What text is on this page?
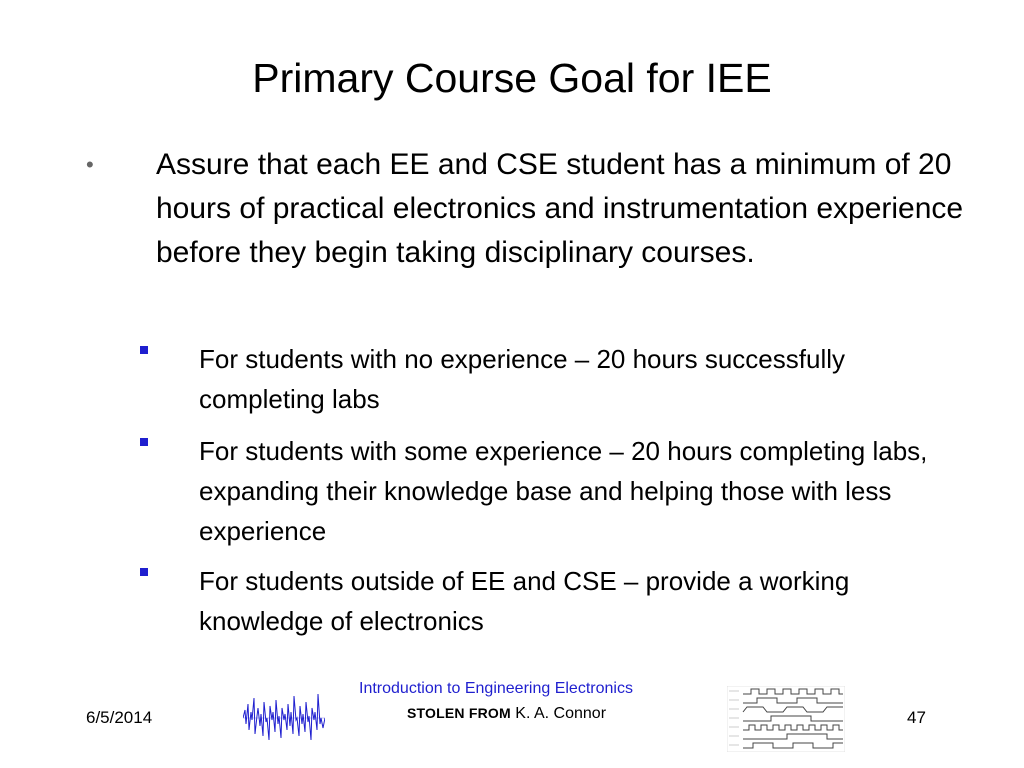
Primary Course Goal for IEE
• Assure that each EE and CSE student has a minimum of 20 hours of practical electronics and instrumentation experience before they begin taking disciplinary courses.
For students with no experience – 20 hours successfully completing labs
For students with some experience – 20 hours completing labs, expanding their knowledge base and helping those with less experience
For students outside of EE and CSE – provide a working knowledge of electronics
6/5/2014
Introduction to Engineering Electronics
STOLEN FROM K. A. Connor	47
